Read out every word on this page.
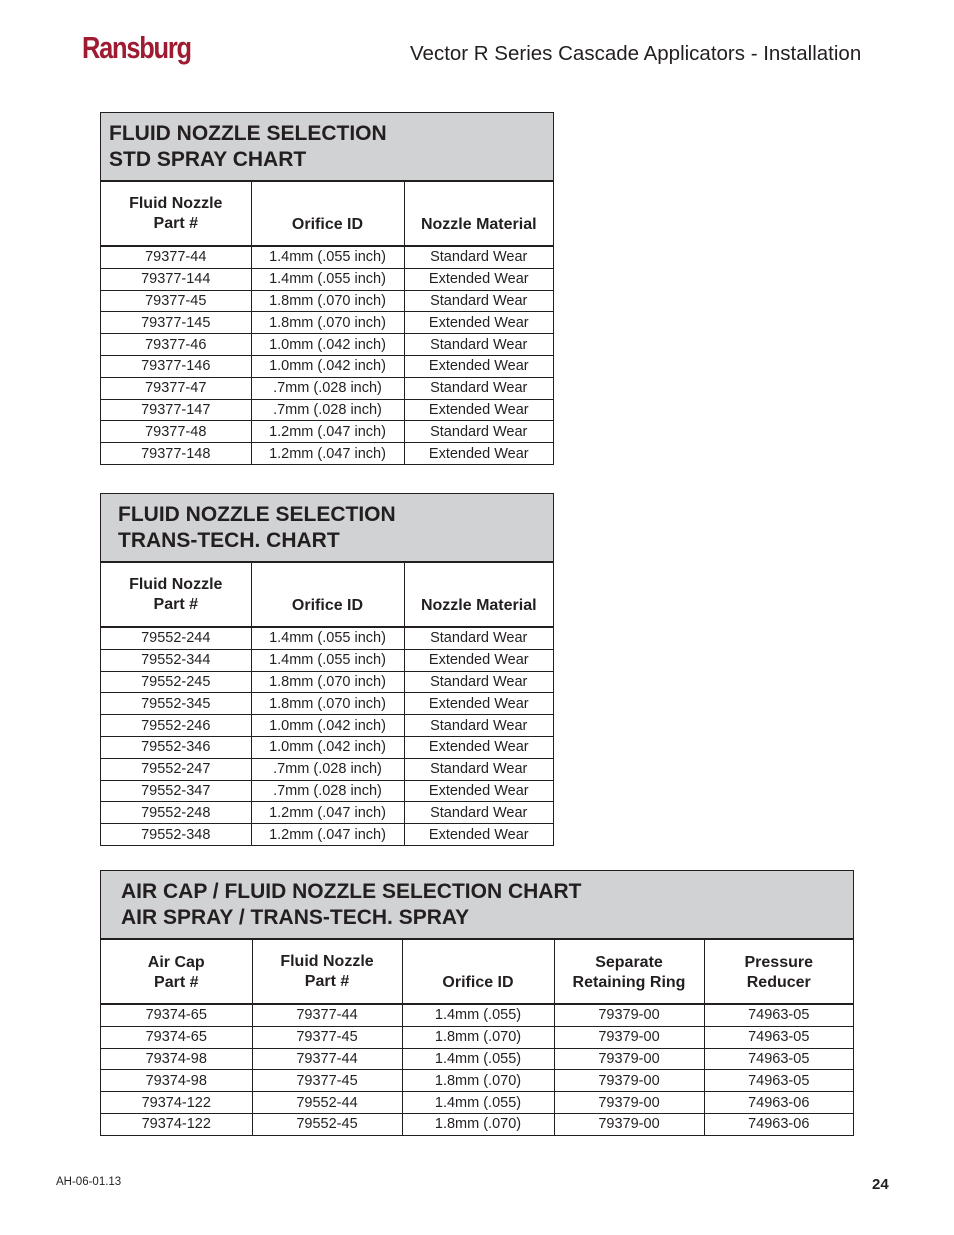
Ransburg	Vector R Series Cascade Applicators - Installation
FLUID NOZZLE SELECTION
STD SPRAY CHART
Fluid Nozzle Part #	Orifice ID	Nozzle Material
79377-44	1.4mm (.055 inch)	Standard Wear
79377-144	1.4mm (.055 inch)	Extended Wear
79377-45	1.8mm (.070 inch)	Standard Wear
79377-145	1.8mm (.070 inch)	Extended Wear
79377-46	1.0mm (.042 inch)	Standard Wear
79377-146	1.0mm (.042 inch)	Extended Wear
79377-47	.7mm (.028 inch)	Standard Wear
79377-147	.7mm (.028 inch)	Extended Wear
79377-48	1.2mm (.047 inch)	Standard Wear
79377-148	1.2mm (.047 inch)	Extended Wear
FLUID NOZZLE SELECTION
TRANS-TECH. CHART
Fluid Nozzle Part #	Orifice ID	Nozzle Material
79552-244	1.4mm (.055 inch)	Standard Wear
79552-344	1.4mm (.055 inch)	Extended Wear
79552-245	1.8mm (.070 inch)	Standard Wear
79552-345	1.8mm (.070 inch)	Extended Wear
79552-246	1.0mm (.042 inch)	Standard Wear
79552-346	1.0mm (.042 inch)	Extended Wear
79552-247	.7mm (.028 inch)	Standard Wear
79552-347	.7mm (.028 inch)	Extended Wear
79552-248	1.2mm (.047 inch)	Standard Wear
79552-348	1.2mm (.047 inch)	Extended Wear
AIR CAP / FLUID NOZZLE SELECTION CHART
AIR SPRAY / TRANS-TECH. SPRAY
Air Cap Part #	Fluid Nozzle Part #	Orifice ID	Separate Retaining Ring	Pressure Reducer
79374-65	79377-44	1.4mm (.055)	79379-00	74963-05
79374-65	79377-45	1.8mm (.070)	79379-00	74963-05
79374-98	79377-44	1.4mm (.055)	79379-00	74963-05
79374-98	79377-45	1.8mm (.070)	79379-00	74963-05
79374-122	79552-44	1.4mm (.055)	79379-00	74963-06
79374-122	79552-45	1.8mm (.070)	79379-00	74963-06
AH-06-01.13	24
